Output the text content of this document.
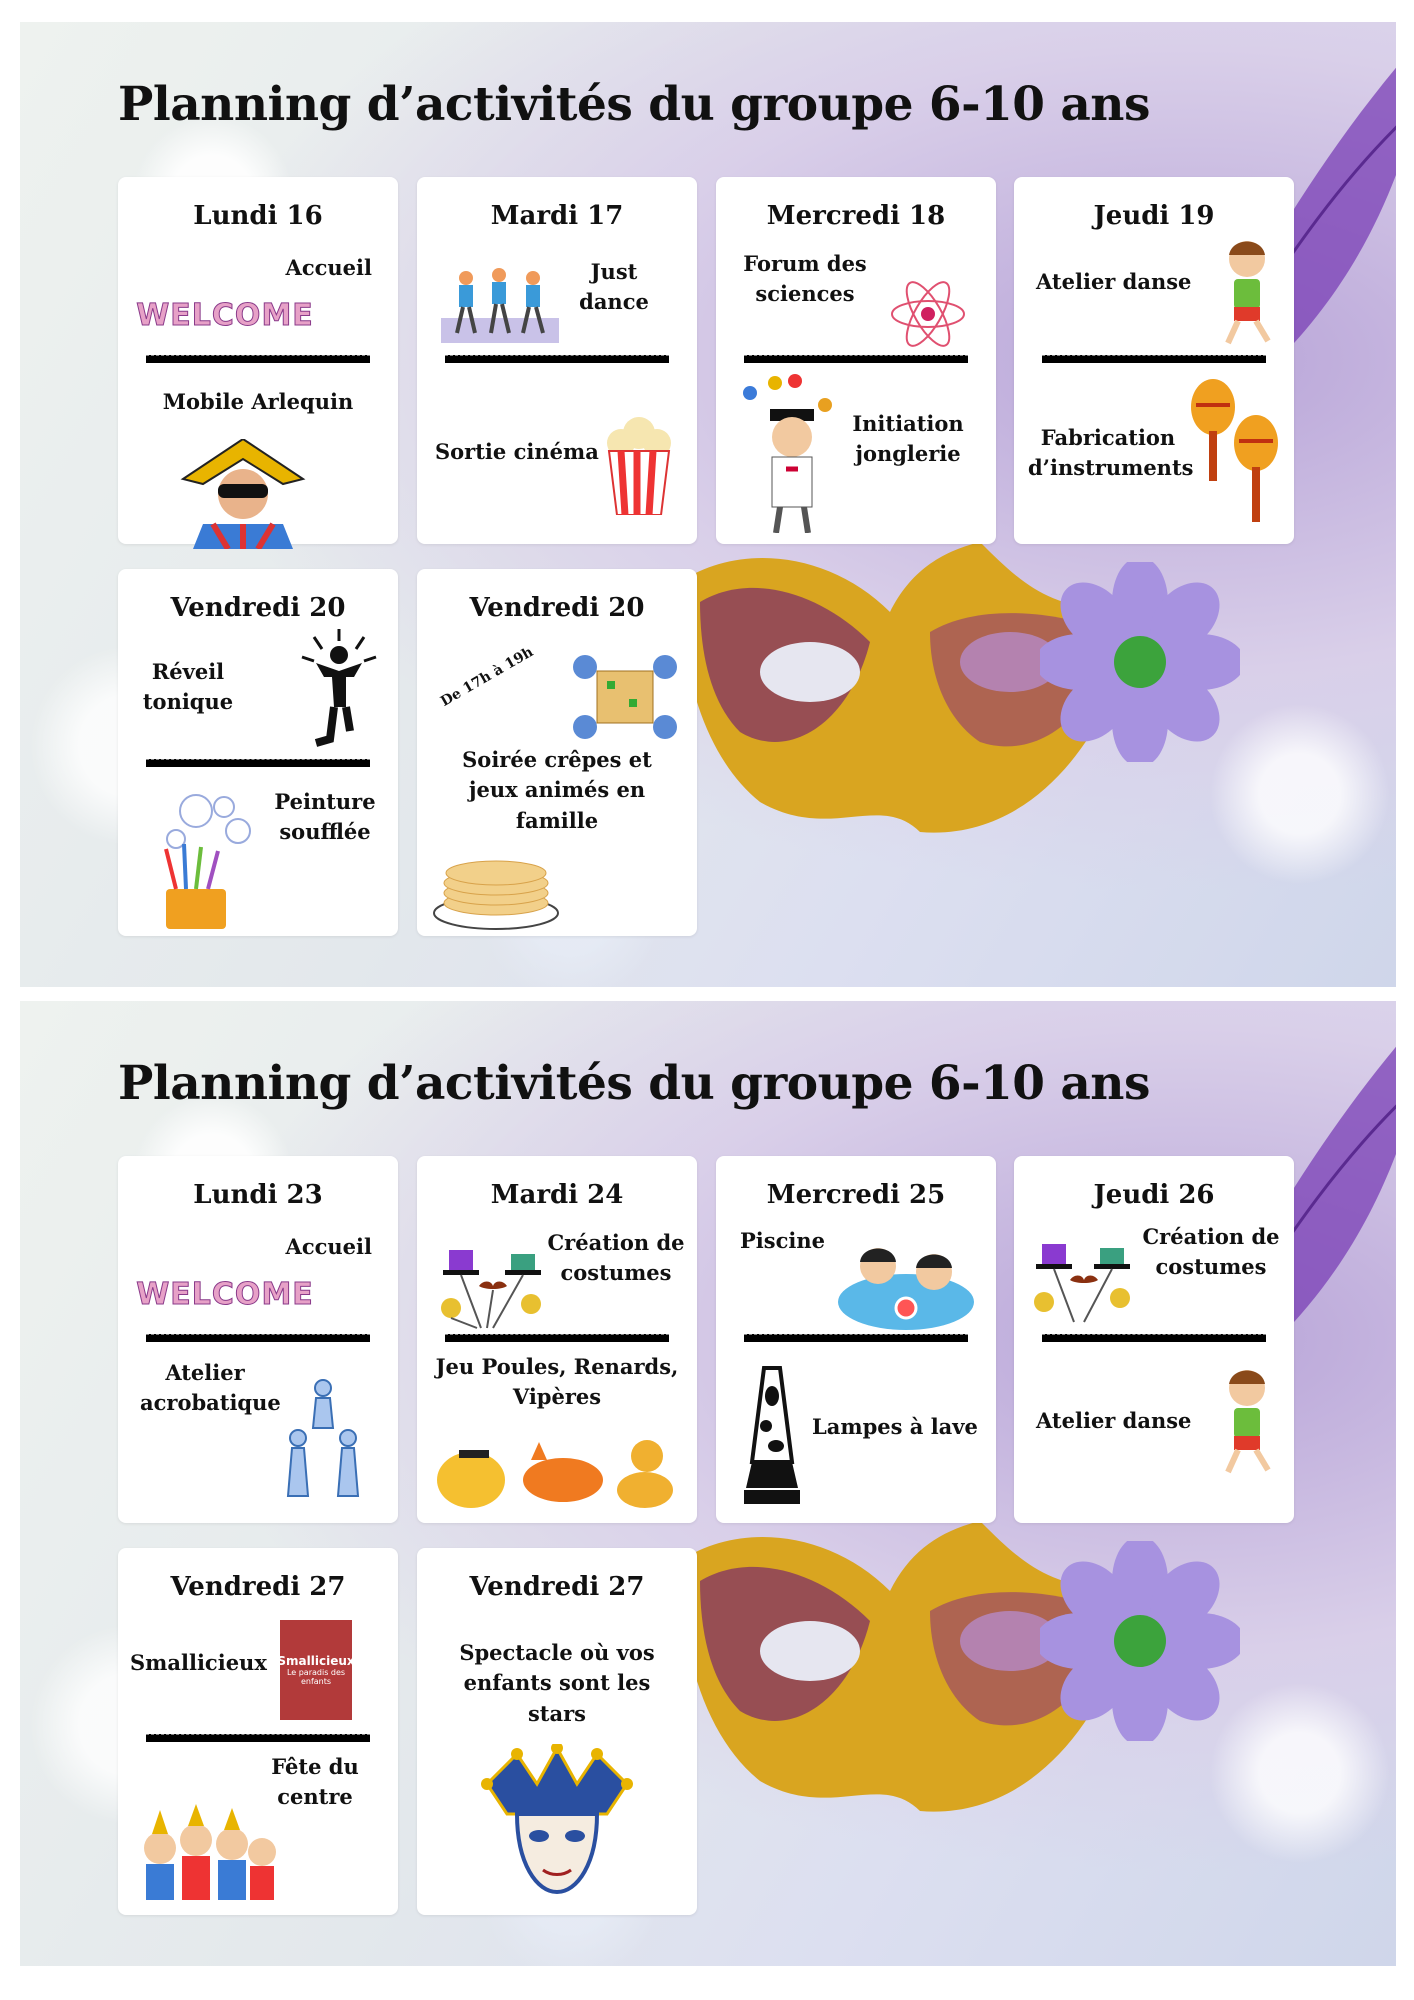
Planning d’activités du groupe 6-10 ans
Lundi 16
Accueil
WELCOME
Mobile Arlequin
Mardi 17
Just dance
Sortie cinéma
Mercredi 18
Forum des sciences
Initiation jonglerie
Jeudi 19
Atelier danse
Fabrication d’instruments
Vendredi 20
Réveil tonique
Peinture soufflée
Vendredi 20
De 17h à 19h
Soirée crêpes et jeux animés en famille
Planning d’activités du groupe 6-10 ans
Lundi 23
Accueil
WELCOME
Atelier acrobatique
Mardi 24
Création de costumes
Jeu Poules, Renards, Vipères
Mercredi 25
Piscine
Lampes à lave
Jeudi 26
Création de costumes
Atelier danse
Vendredi 27
Smallicieux Smallicieux
Le paradis des enfants
Fête du centre
Vendredi 27
Spectacle où vos enfants sont les stars
